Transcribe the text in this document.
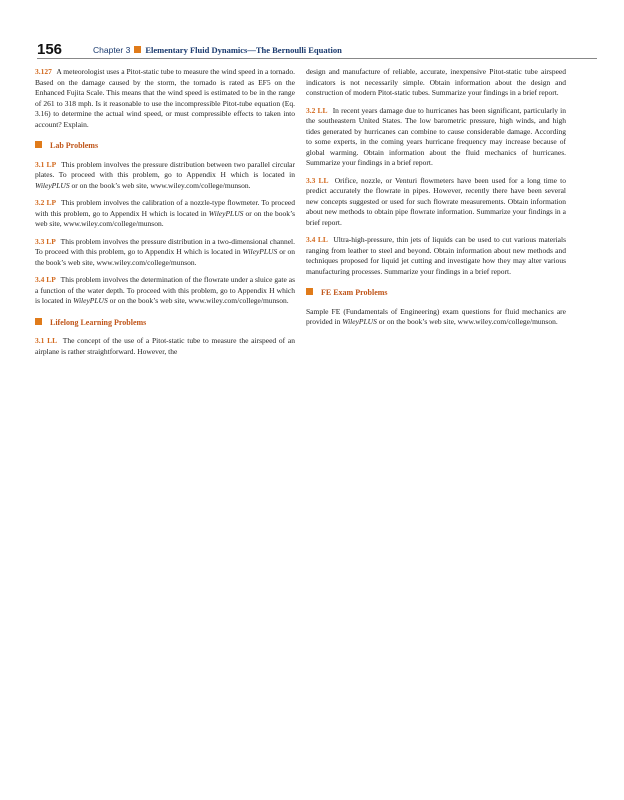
156	Chapter 3 Elementary Fluid Dynamics—The Bernoulli Equation

3.127 A meteorologist uses a Pitot-static tube to measure the wind speed in a tornado. Based on the damage caused by the storm, the tornado is rated as EF5 on the Enhanced Fujita Scale. This means that the wind speed is estimated to be in the range of 261 to 318 mph. Is it reasonable to use the incompressible Pitot-tube equation (Eq. 3.16) to determine the actual wind speed, or must compressible effects to taken into account? Explain.

Lab Problems

3.1 LP This problem involves the pressure distribution between two parallel circular plates. To proceed with this problem, go to Appendix H which is located in WileyPLUS or on the book’s web site, www.wiley.com/college/munson.

3.2 LP This problem involves the calibration of a nozzle-type flowmeter. To proceed with this problem, go to Appendix H which is located in WileyPLUS or on the book’s web site, www.wiley.com/college/munson.

3.3 LP This problem involves the pressure distribution in a two-dimensional channel. To proceed with this problem, go to Appendix H which is located in WileyPLUS or on the book’s web site, www.wiley.com/college/munson.

3.4 LP This problem involves the determination of the flowrate under a sluice gate as a function of the water depth. To proceed with this problem, go to Appendix H which is located in WileyPLUS or on the book’s web site, www.wiley.com/college/munson.

Lifelong Learning Problems

3.1 LL The concept of the use of a Pitot-static tube to measure the airspeed of an airplane is rather straightforward. However, the

design and manufacture of reliable, accurate, inexpensive Pitot-static tube airspeed indicators is not necessarily simple. Obtain information about the design and construction of modern Pitot-static tubes. Summarize your findings in a brief report.

3.2 LL In recent years damage due to hurricanes has been significant, particularly in the southeastern United States. The low barometric pressure, high winds, and high tides generated by hurricanes can combine to cause considerable damage. According to some experts, in the coming years hurricane frequency may increase because of global warming. Obtain information about the fluid mechanics of hurricanes. Summarize your findings in a brief report.

3.3 LL Orifice, nozzle, or Venturi flowmeters have been used for a long time to predict accurately the flowrate in pipes. However, recently there have been several new concepts suggested or used for such flowrate measurements. Obtain information about new methods to obtain pipe flowrate information. Summarize your findings in a brief report.

3.4 LL Ultra-high-pressure, thin jets of liquids can be used to cut various materials ranging from leather to steel and beyond. Obtain information about new methods and techniques proposed for liquid jet cutting and investigate how they may alter various manufacturing processes. Summarize your findings in a brief report.

FE Exam Problems

Sample FE (Fundamentals of Engineering) exam questions for fluid mechanics are provided in WileyPLUS or on the book’s web site, www.wiley.com/college/munson.
